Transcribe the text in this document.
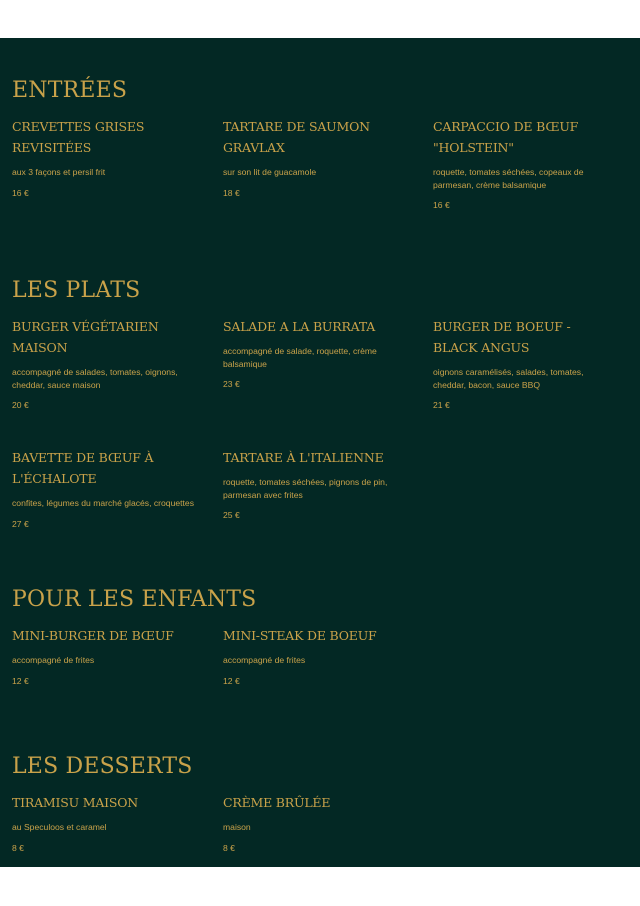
ENTRÉES
CREVETTES GRISES REVISITÉES
aux 3 façons et persil frit
16 €
TARTARE DE SAUMON GRAVLAX
sur son lit de guacamole
18 €
CARPACCIO DE BŒUF "HOLSTEIN"
roquette, tomates séchées, copeaux de parmesan, crème balsamique
16 €
LES PLATS
BURGER VÉGÉTARIEN MAISON
accompagné de salades, tomates, oignons, cheddar, sauce maison
20 €
SALADE A LA BURRATA
accompagné de salade, roquette, crème balsamique
23 €
BURGER DE BOEUF - BLACK ANGUS
oignons caramélisés, salades, tomates, cheddar, bacon, sauce BBQ
21 €
BAVETTE DE BŒUF À L'ÉCHALOTE
confites, légumes du marché glacés, croquettes
27 €
TARTARE À L'ITALIENNE
roquette, tomates séchées, pignons de pin, parmesan avec frites
25 €
POUR LES ENFANTS
MINI-BURGER DE BŒUF
accompagné de frites
12 €
MINI-STEAK DE BOEUF
accompagné de frites
12 €
LES DESSERTS
TIRAMISU MAISON
au Speculoos et caramel
8 €
CRÈME BRÛLÉE
maison
8 €
